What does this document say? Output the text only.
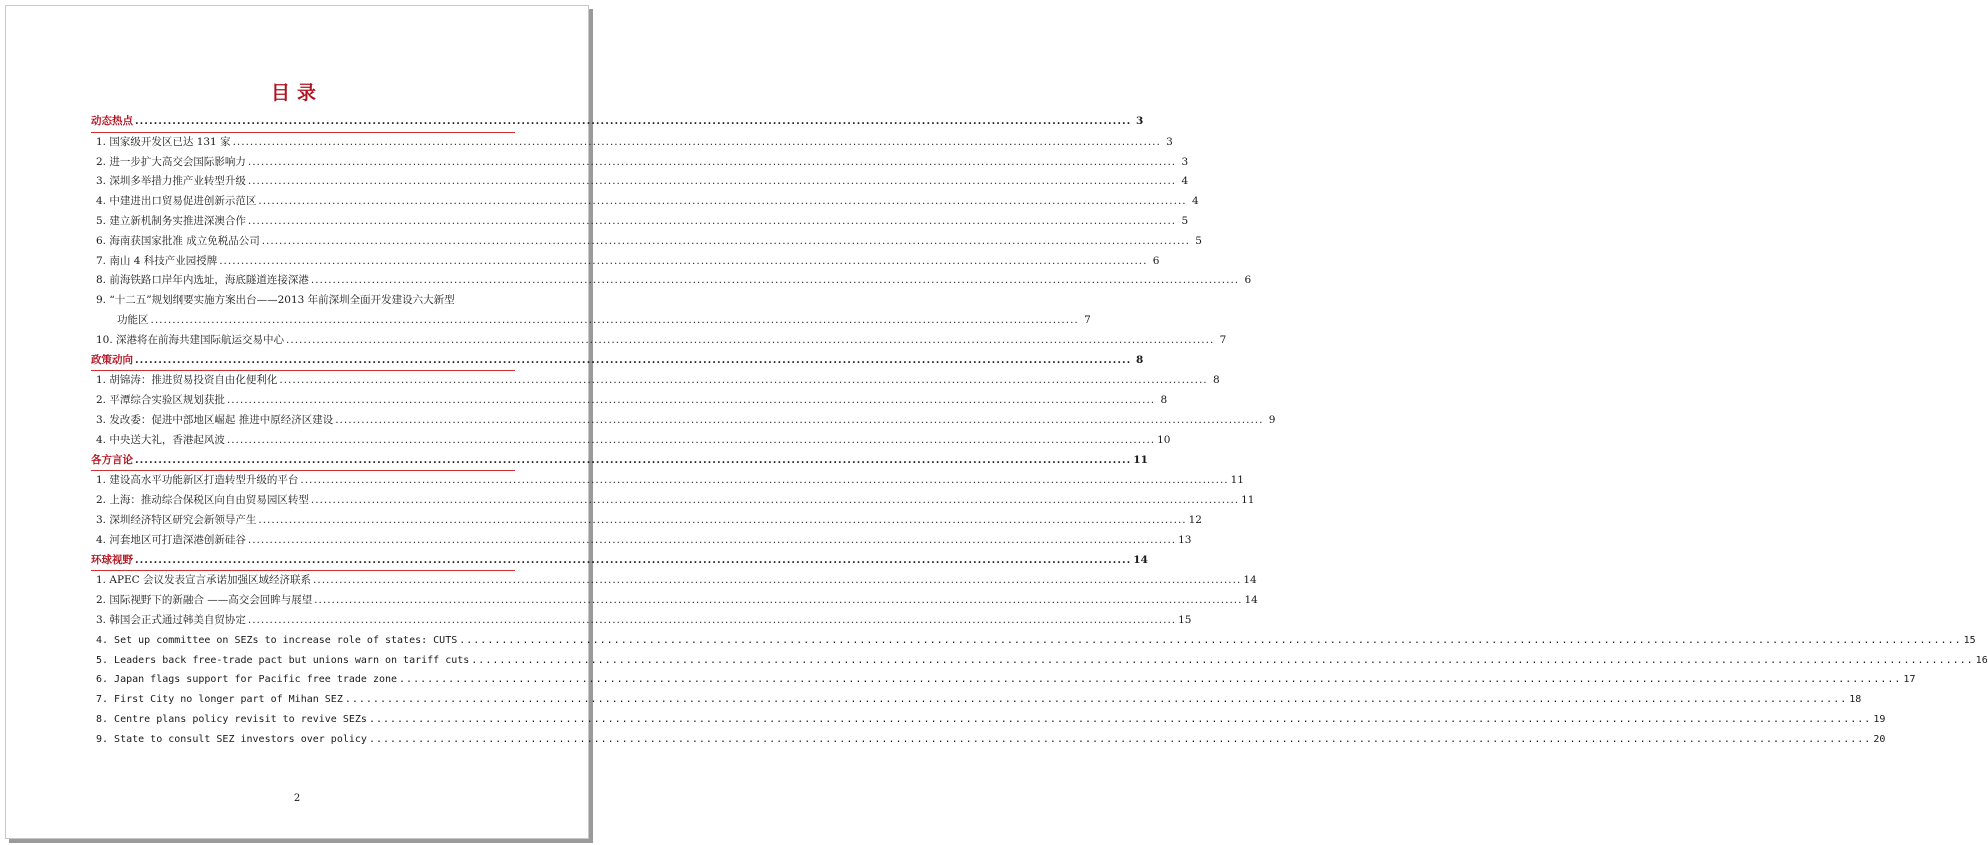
目录
动态热点 .....	3
1. 国家级开发区已达 131 家 .....	3
2. 进一步扩大高交会国际影响力 .....	3
3. 深圳多举措力推产业转型升级 .....	4
4. 中建进出口贸易促进创新示范区 .....	4
5. 建立新机制务实推进深澳合作 .....	5
6. 海南获国家批准 成立免税品公司 .....	5
7. 南山 4 科技产业园授牌 .....	6
8. 前海铁路口岸年内选址，海底隧道连接深港 .....	6
9. “十二五”规划纲要实施方案出台——2013 年前深圳全面开发建设六大新型
功能区 .....	7
10. 深港将在前海共建国际航运交易中心 .....	7
政策动向 .....	8
1. 胡锦涛：推进贸易投资自由化便利化 .....	8
2. 平潭综合实验区规划获批 .....	8
3. 发改委：促进中部地区崛起 推进中原经济区建设 .....	9
4. 中央送大礼，香港起风波 .....	10
各方言论 .....	11
1. 建设高水平功能新区打造转型升级的平台 .....	11
2. 上海：推动综合保税区向自由贸易园区转型 .....	11
3. 深圳经济特区研究会新领导产生 .....	12
4. 河套地区可打造深港创新硅谷 .....	13
环球视野 .....	14
1. APEC 会议发表宣言承诺加强区域经济联系 .....	14
2. 国际视野下的新融合 ——高交会回眸与展望 .....	14
3. 韩国会正式通过韩美自贸协定 .....	15
4. Set up committee on SEZs to increase role of states: CUTS .....	15
5. Leaders back free-trade pact but unions warn on tariff cuts .....	16
6. Japan flags support for Pacific free trade zone .....	17
7. First City no longer part of Mihan SEZ .....	18
8. Centre plans policy revisit to revive SEZs .....	19
9. State to consult SEZ investors over policy .....	20
2
